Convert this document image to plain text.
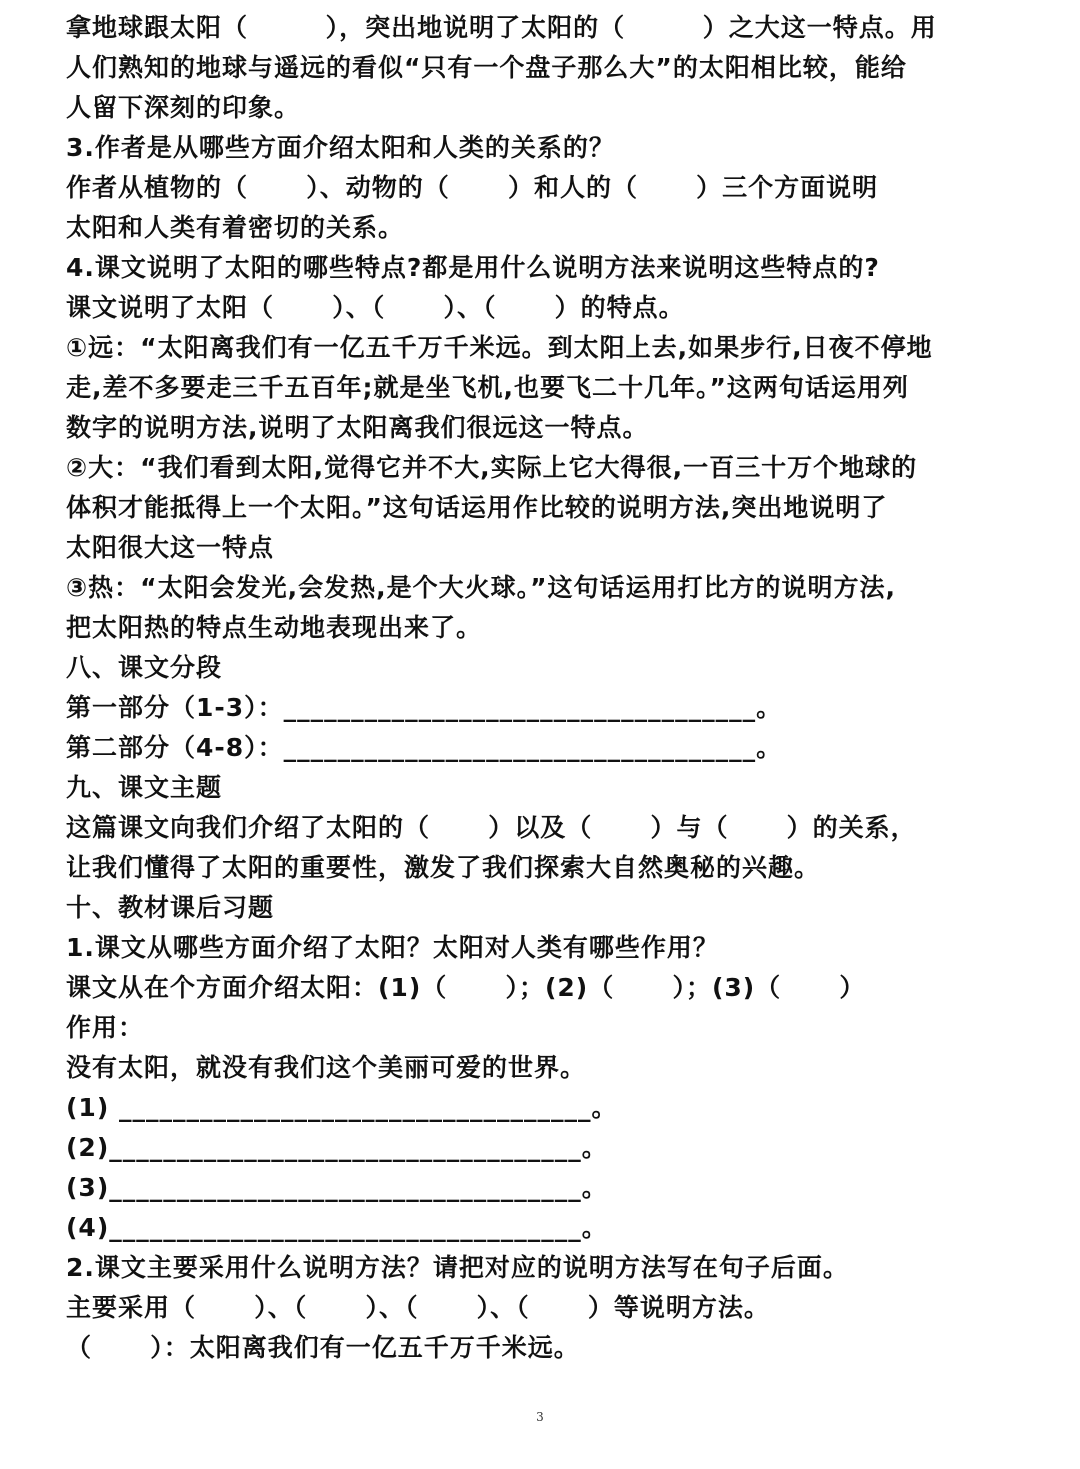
拿地球跟太阳（        ），突出地说明了太阳的（        ）之大这一特点。用
人们熟知的地球与遥远的看似“只有一个盘子那么大”的太阳相比较，能给
人留下深刻的印象。
3.作者是从哪些方面介绍太阳和人类的关系的？
作者从植物的（      ）、动物的（      ）和人的（      ）三个方面说明
太阳和人类有着密切的关系。
4.课文说明了太阳的哪些特点?都是用什么说明方法来说明这些特点的?
课文说明了太阳（      ）、（      ）、（      ）的特点。
①远：“太阳离我们有一亿五千万千米远。到太阳上去,如果步行,日夜不停地
走,差不多要走三千五百年;就是坐飞机,也要飞二十几年。”这两句话运用列
数字的说明方法,说明了太阳离我们很远这一特点。
②大：“我们看到太阳,觉得它并不大,实际上它大得很,一百三十万个地球的
体积才能抵得上一个太阳。”这句话运用作比较的说明方法,突出地说明了
太阳很大这一特点
③热：“太阳会发光,会发热,是个大火球。”这句话运用打比方的说明方法,
把太阳热的特点生动地表现出来了。
八、课文分段
第一部分（1-3）：___________________________________。
第二部分（4-8）：___________________________________。
九、课文主题
这篇课文向我们介绍了太阳的（      ）以及（      ）与（      ）的关系，
让我们懂得了太阳的重要性，激发了我们探索大自然奥秘的兴趣。
十、教材课后习题
1.课文从哪些方面介绍了太阳？太阳对人类有哪些作用？
课文从在个方面介绍太阳：(1)（      ）；(2)（      ）；(3)（      ）
作用：
没有太阳，就没有我们这个美丽可爱的世界。
(1) ___________________________________。
(2)___________________________________。
(3)___________________________________。
(4)___________________________________。
2.课文主要采用什么说明方法？请把对应的说明方法写在句子后面。
主要采用（      ）、（      ）、（      ）、（      ）等说明方法。
（      ）：太阳离我们有一亿五千万千米远。
3
